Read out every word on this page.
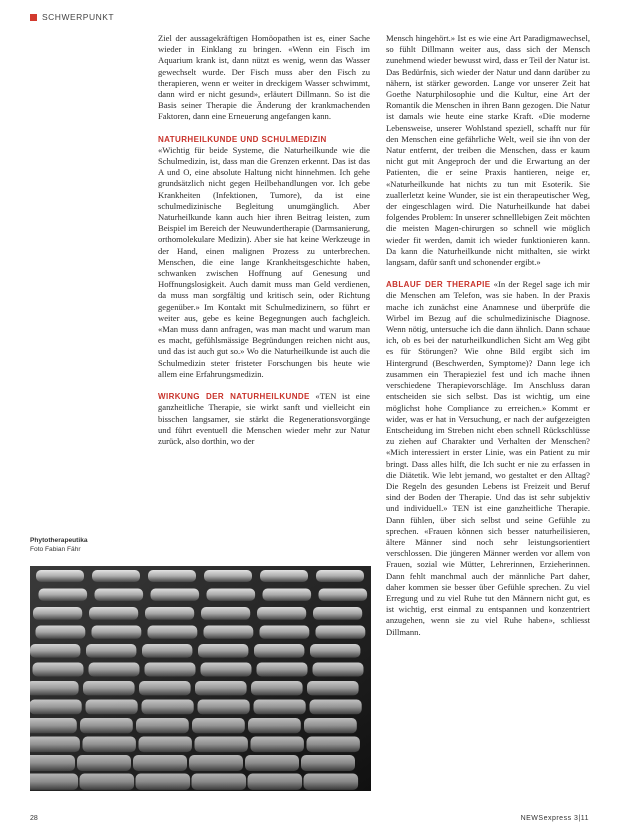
SCHWERPUNKT

Ziel der aussagekräftigen Homöopathen ist es, einer Sache wieder in Einklang zu bringen. «Wenn ein Fisch im Aquarium krank ist, dann nützt es wenig, wenn das Wasser gewechselt wurde. Der Fisch muss aber den Fisch zu therapieren, wenn er weiter in dreckigem Wasser schwimmt, dann wird er nicht gesund», erläutert Dillmann. So ist die Basis seiner Therapie die Änderung der krankmachenden Faktoren, dann eine Erneuerung angefangen kann.

NATURHEILKUNDE UND SCHULMEDIZIN

«Wichtig für beide Systeme, die Naturheilkunde wie die Schulmedizin, ist, dass man die Grenzen erkennt. Das ist das A und O, eine absolute Haltung nicht hinnehmen. Ich gehe grundsätzlich nicht gegen Heilbehandlungen vor. Ich gebe Krankheiten (Infektionen, Tumore), da ist eine schulmedizinische Begleitung unumgänglich. Aber Naturheilkunde kann auch hier ihren Beitrag leisten, zum Beispiel im Bereich der Neuwundertherapie (Darmsanierung, orthomolekulare Medizin). Aber sie hat keine Werkzeuge in der Hand, einen malignen Prozess zu unterbrechen. Menschen, die eine lange Krankheitsgeschichte haben, schwanken zwischen Hoffnung auf Genesung und Hoffnungslosigkeit. Auch damit muss man Geld verdienen, da muss man sorgfältig und kritisch sein, oder Richtung gegenüber.» Im Kontakt mit Schulmedizinern, so führt er weiter aus, gebe es keine Begegnungen auch fachgleich. «Man muss dann anfragen, was man macht und warum man es macht, gefühlsmässige Begründungen reichen nicht aus, und das ist auch gut so.» Wo die Naturheilkunde ist auch die Schulmedizin steter fristeter Forschungen bis heute wie allem eine Erfahrungsmedizin.

WIRKUNG DER NATURHEILKUNDE «TEN ist eine ganzheitliche Therapie, sie wirkt sanft und vielleicht ein bisschen langsamer, sie stärkt die Regenerationsvorgänge und führt eventuell die Menschen wieder mehr zur Natur zurück, also dorthin, wo der

Mensch hingehört.» Ist es wie eine Art Paradigmawechsel, so fühlt Dillmann weiter aus, dass sich der Mensch zunehmend wieder bewusst wird, dass er Teil der Natur ist. Das Bedürfnis, sich wieder der Natur und dann darüber zu nähern, ist stärker geworden. Lange vor unserer Zeit hat Goethe Naturphilosophie und die Kultur, eine Art der Romantik die Menschen in ihren Bann gezogen. Die Natur ist damals wie heute eine starke Kraft. «Die moderne Lebensweise, unserer Wohlstand speziell, schafft nur für den Menschen eine gefährliche Welt, weil sie ihn von der Natur entfernt, der treiben die Menschen, dass er kaum nicht gut mit Angeproch der und die Erwartung an der Patienten, die er seine Praxis hantieren, neige er, «Naturheilkunde hat nichts zu tun mit Esoterik. Sie zuallerletzt keine Wunder, sie ist ein therapeutischer Weg, der eingeschlagen wird. Die Naturheilkunde hat dabei folgendes Problem: In unserer schnelllebigen Zeit möchten die meisten Magen-chirurgen so schnell wie möglich wieder fit werden, damit ich wieder funktionieren kann. Da kann die Naturheilkunde nicht mithalten, sie wirkt langsam, dafür sanft und schonender ergibt.»

ABLAUF DER THERAPIE «In der Regel sage ich mir die Menschen am Telefon, was sie haben. In der Praxis mache ich zunächst eine Anamnese und überprüfe die Wirbel im Bezug auf die schulmedizinische Diagnose. Wenn nötig, untersuche ich die dann ähnlich. Dann schaue ich, ob es bei der naturheilkundlichen Sicht am Weg gibt es für Störungen? Wie ohne Bild ergibt sich im Hintergrund (Beschwerden, Symptome)? Dann lege ich zusammen ein Therapieziel fest und ich mache ihnen verschiedene Therapievorschläge. Im Anschluss daran entscheiden sie sich selbst. Das ist wichtig, um eine möglichst hohe Compliance zu erreichen.» Kommt er wider, was er hat in Versuchung, er nach der aufgezeigten Entscheidung im Streben nicht eben schnell Rückschlüsse zu ziehen auf Charakter und Verhalten der Menschen? «Mich interessiert in erster Linie, was ein Patient zu mir bringt. Dass alles hilft, die Ich sucht er nie zu erfassen in die Diätetik. Wie lebt jemand, wo gestaltet er den Alltag? Die Regeln des gesunden Lebens ist Freizeit und Beruf sind der Boden der Therapie. Und das ist sehr subjektiv und individuell.» TEN ist eine ganzheitliche Therapie. Dann fühlen, über sich selbst und seine Gefühle zu sprechen. «Frauen können sich besser naturheilisieren, ältere Männer sind noch sehr leistungsorientiert verschlossen. Die jüngeren Männer werden vor allem von Frauen, sozial wie Mütter, Lehrerinnen, Erzieherinnen. Dann fehlt manchmal auch der männliche Part daher, daher kommen sie besser über Gefühle sprechen. Zu viel Erregung und zu viel Ruhe tut den Männern nicht gut, es ist wichtig, erst einmal zu entspannen und konzentriert anzugehen, wenn sie zu viel Ruhe haben», schliesst Dillmann.

Phytotherapeutika
Foto Fabian Fähr
28	NEWSexpress 3|11
